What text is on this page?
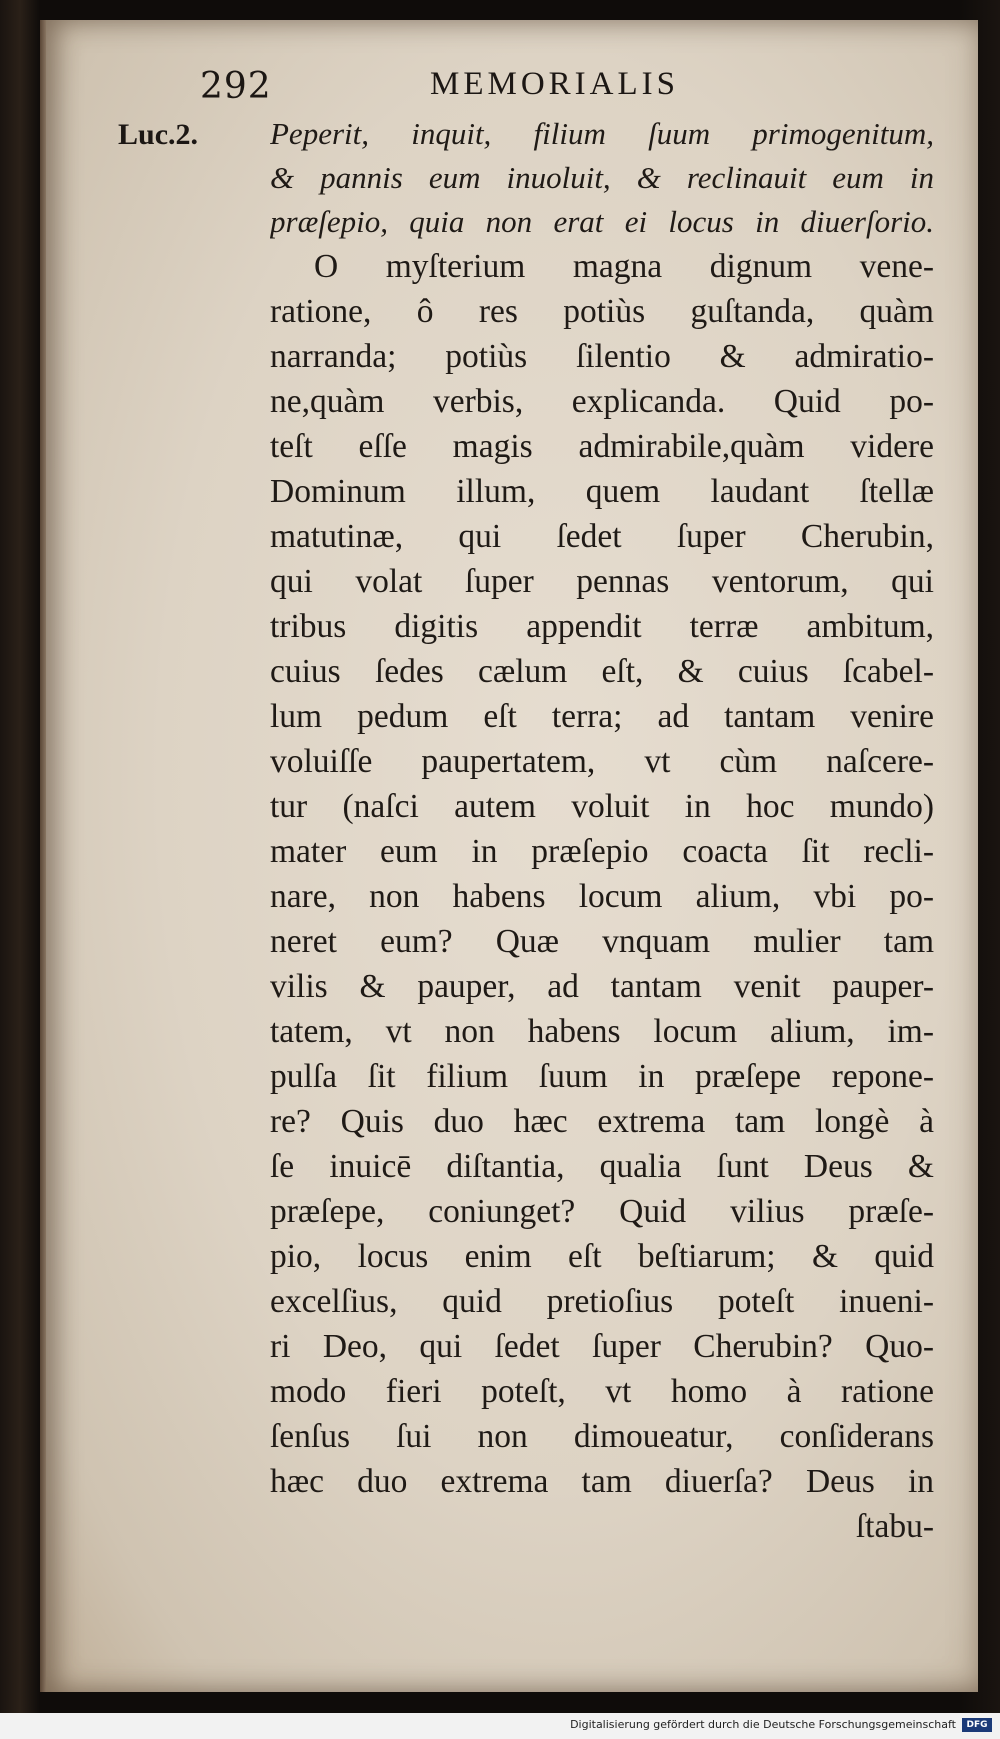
292	MEMORIALIS
Luc.2. Peperit, inquit, filium ſuum primogenitum,
& pannis eum inuoluit, & reclinauit eum in
præſepio, quia non erat ei locus in diuerſorio.
O myſterium magna dignum vene-
ratione, ô res potiùs guſtanda, quàm
narranda; potiùs ſilentio & admiratio-
ne,quàm verbis, explicanda. Quid po-
teſt eſſe magis admirabile,quàm videre
Dominum illum, quem laudant ſtellæ
matutinæ, qui ſedet ſuper Cherubin,
qui volat ſuper pennas ventorum, qui
tribus digitis appendit terræ ambitum,
cuius ſedes cælum eſt, & cuius ſcabel-
lum pedum eſt terra; ad tantam venire
voluiſſe paupertatem, vt cùm naſcere-
tur (naſci autem voluit in hoc mundo)
mater eum in præſepio coacta ſit recli-
nare, non habens locum alium, vbi po-
neret eum? Quæ vnquam mulier tam
vilis & pauper, ad tantam venit pauper-
tatem, vt non habens locum alium, im-
pulſa ſit filium ſuum in præſepe repone-
re? Quis duo hæc extrema tam longè à
ſe inuicē diſtantia, qualia ſunt Deus &
præſepe, coniunget? Quid vilius præſe-
pio, locus enim eſt beſtiarum; & quid
excelſius, quid pretioſius poteſt inueni-
ri Deo, qui ſedet ſuper Cherubin? Quo-
modo fieri poteſt, vt homo à ratione
ſenſus ſui non dimoueatur, conſiderans
hæc duo extrema tam diuerſa? Deus in
ſtabu-
Digitalisierung gefördert durch die Deutsche Forschungsgemeinschaft	DFG
